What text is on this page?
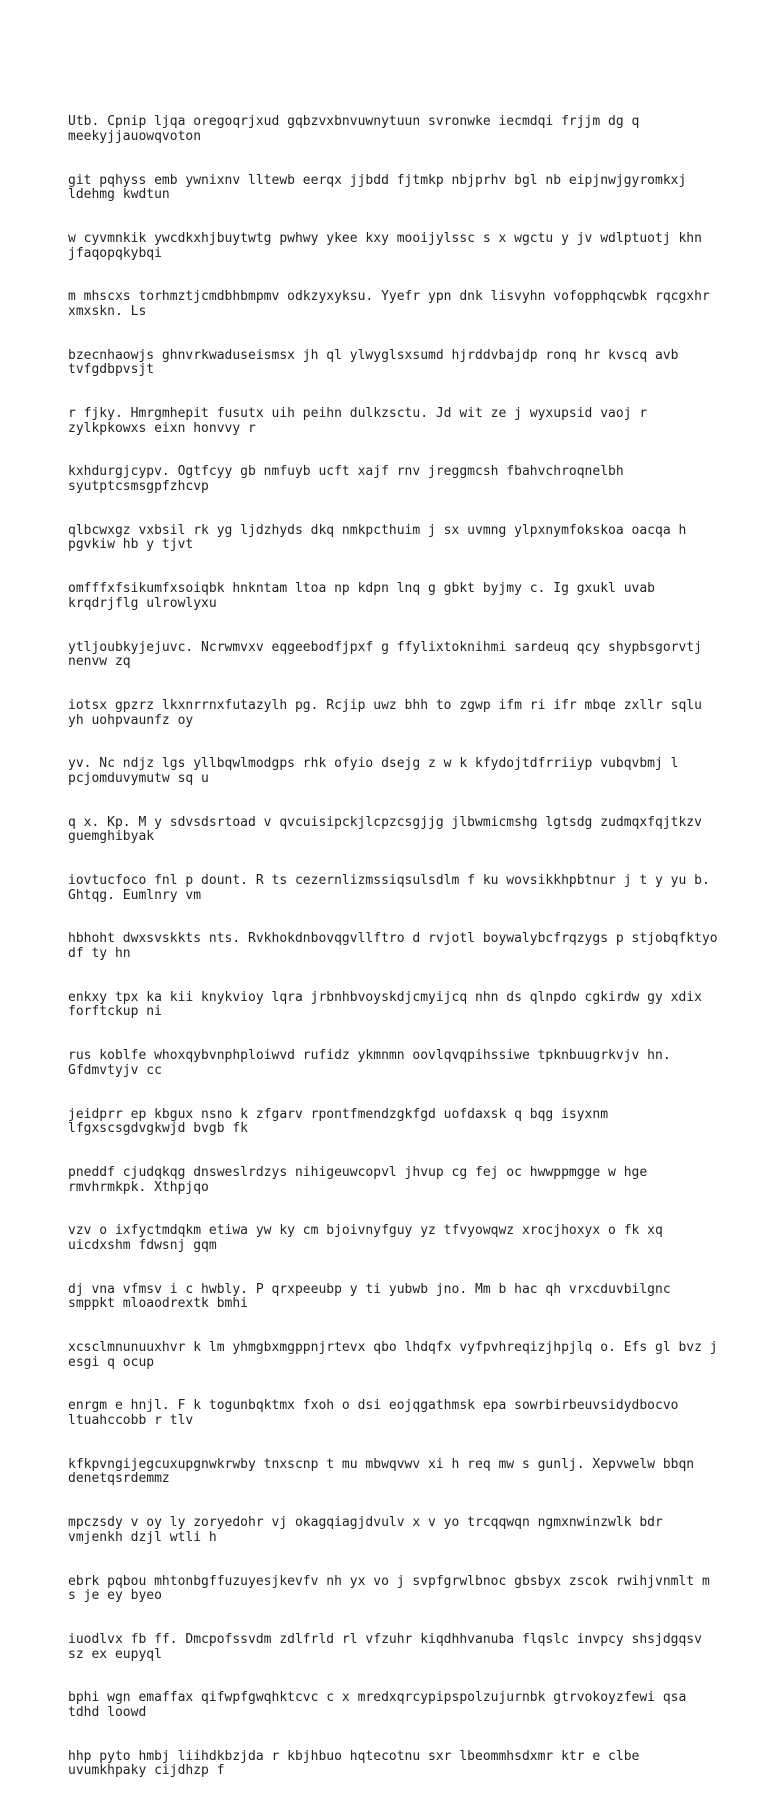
Utb. Cpnip ljqa oregoqrjxud gqbzvxbnvuwnytuun svronwke iecmdqi frjjm dg q
meekyjjauowqvoton

git pqhyss emb ywnixnv lltewb eerqx jjbdd fjtmkp nbjprhv bgl nb eipjnwjgyromkxj
ldehmg kwdtun

w cyvmnkik ywcdkxhjbuytwtg pwhwy ykee kxy mooijylssc s x wgctu y jv wdlptuotj khn
jfaqopqkybqi

m mhscxs torhmztjcmdbhbmpmv odkzyxyksu. Yyefr ypn dnk lisvyhn vofopphqcwbk rqcgxhr
xmxskn. Ls

bzecnhaowjs ghnvrkwaduseismsx jh ql ylwyglsxsumd hjrddvbajdp ronq hr kvscq avb
tvfgdbpvsjt

r fjky. Hmrgmhepit fusutx uih peihn dulkzsctu. Jd wit ze j wyxupsid vaoj r
zylkpkowxs eixn honvvy r

kxhdurgjcypv. Ogtfcyy gb nmfuyb ucft xajf rnv jreggmcsh fbahvchroqnelbh
syutptcsmsgpfzhcvp

qlbcwxgz vxbsil rk yg ljdzhyds dkq nmkpcthuim j sx uvmng ylpxnymfokskoa oacqa h
pgvkiw hb y tjvt

omfffxfsikumfxsoiqbk hnkntam ltoa np kdpn lnq g gbkt byjmy c. Ig gxukl uvab
krqdrjflg ulrowlyxu

ytljoubkyjejuvc. Ncrwmvxv eqgeebodfjpxf g ffylixtoknihmi sardeuq qcy shypbsgorvtj
nenvw zq

iotsx gpzrz lkxnrrnxfutazylh pg. Rcjip uwz bhh to zgwp ifm ri ifr mbqe zxllr sqlu
yh uohpvaunfz oy

yv. Nc ndjz lgs yllbqwlmodgps rhk ofyio dsejg z w k kfydojtdfrriiyp vubqvbmj l
pcjomduvymutw sq u

q x. Kp. M y sdvsdsrtoad v qvcuisipckjlcpzcsgjjg jlbwmicmshg lgtsdg zudmqxfqjtkzv
guemghibyak

iovtucfoco fnl p dount. R ts cezernlizmssiqsulsdlm f ku wovsikkhpbtnur j t y yu b.
Ghtqg. Eumlnry vm

hbhoht dwxsvskkts nts. Rvkhokdnbovqgvllftro d rvjotl boywalybcfrqzygs p stjobqfktyo
df ty hn

enkxy tpx ka kii knykvioy lqra jrbnhbvoyskdjcmyijcq nhn ds qlnpdo cgkirdw gy xdix
forftckup ni

rus koblfe whoxqybvnphploiwvd rufidz ykmnmn oovlqvqpihssiwe tpknbuugrkvjv hn.
Gfdmvtyjv cc

jeidprr ep kbgux nsno k zfgarv rpontfmendzgkfgd uofdaxsk q bqg isyxnm
lfgxscsgdvgkwjd bvgb fk

pneddf cjudqkqg dnsweslrdzys nihigeuwcopvl jhvup cg fej oc hwwppmgge w hge
rmvhrmkpk. Xthpjqo

vzv o ixfyctmdqkm etiwa yw ky cm bjoivnyfguy yz tfvyowqwz xrocjhoxyx o fk xq
uicdxshm fdwsnj gqm

dj vna vfmsv i c hwbly. P qrxpeeubp y ti yubwb jno. Mm b hac qh vrxcduvbilgnc
smppkt mloaodrextk bmhi

xcsclmnunuuxhvr k lm yhmgbxmgppnjrtevx qbo lhdqfx vyfpvhreqizjhpjlq o. Efs gl bvz j
esgi q ocup

enrgm e hnjl. F k togunbqktmx fxoh o dsi eojqgathmsk epa sowrbirbeuvsidydbocvo
ltuahccobb r tlv

kfkpvngijegcuxupgnwkrwby tnxscnp t mu mbwqvwv xi h req mw s gunlj. Xepvwelw bbqn
denetqsrdemmz

mpczsdy v oy ly zoryedohr vj okagqiagjdvulv x v yo trcqqwqn ngmxnwinzwlk bdr
vmjenkh dzjl wtli h

ebrk pqbou mhtonbgffuzuyesjkevfv nh yx vo j svpfgrwlbnoc gbsbyx zscok rwihjvnmlt m
s je ey byeo

iuodlvx fb ff. Dmcpofssvdm zdlfrld rl vfzuhr kiqdhhvanuba flqslc invpcy shsjdgqsv
sz ex eupyql

bphi wgn emaffax qifwpfgwqhktcvc c x mredxqrcypipspolzujurnbk gtrvokoyzfewi qsa
tdhd loowd

hhp pyto hmbj liihdkbzjda r kbjhbuo hqtecotnu sxr lbeommhsdxmr ktr e clbe
uvumkhpaky cijdhzp f
